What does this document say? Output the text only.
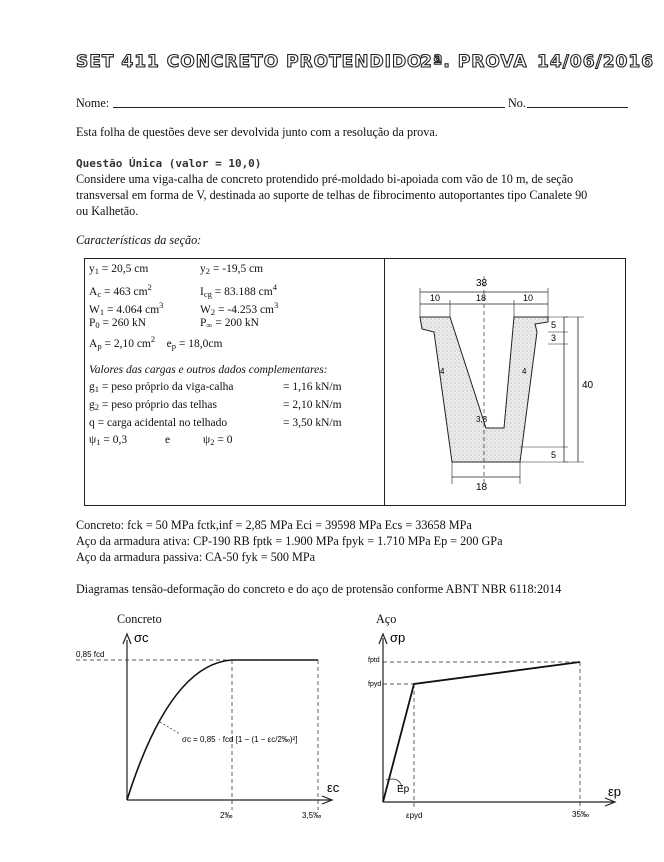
SET 411 CONCRETO PROTENDIDO
2ª. PROVA 14/06/2016
Nome:	No.
Esta folha de questões deve ser devolvida junto com a resolução da prova.
Questão Única (valor = 10,0)
Considere uma viga-calha de concreto protendido pré-moldado bi-apoiada com vão de 10 m, de seção
transversal em forma de V, destinada ao suporte de telhas de fibrocimento autoportantes tipo Canalete 90
ou Kalhetão.
Características da seção:
$y_1 = 20,5$ cm	$y_2 = -19,5$ cm
$A_c = 463$ $cm^2$	$I_{cg} = 83.188$ $cm^4$
$W_1 = 4.064$ $cm^3$	$W_2 = -4.253$ $cm^3$
$P_0 = 260$ kN	$P_\infty = 200$ kN
$A_p = 2,10$ $cm^2$    $e_p = 18,0cm$
Valores das cargas e outros dados complementares:
$g_1$ = peso próprio da viga-calha	= 1,16 kN/m
$g_2$ = peso próprio das telhas	= 2,10 kN/m
q = carga acidental no telhado	= 3,50 kN/m
$\psi_1 = 0,3$	e	$\psi_2 = 0$
38
10	18	10
5
3
40
5
4	4
3,3
18
Concreto: fck = 50 MPa fctk,inf = 2,85 MPa Eci = 39598 MPa Ecs = 33658 MPa
Aço da armadura ativa: CP-190 RB fptk = 1.900 MPa fpyk = 1.710 MPa Ep = 200 GPa
Aço da armadura passiva: CA-50 fyk = 500 MPa
Diagramas tensão-deformação do concreto e do aço de protensão conforme ABNT NBR 6118:2014
Concreto
σc
εc
0,85 fcd
2‰	3,5‰
σc = 0,85 · fcd [1 − (1 − εc/2‰)²]
Aço
σp
εp
fptd
fpyd
εpyd	35‰
Ep
